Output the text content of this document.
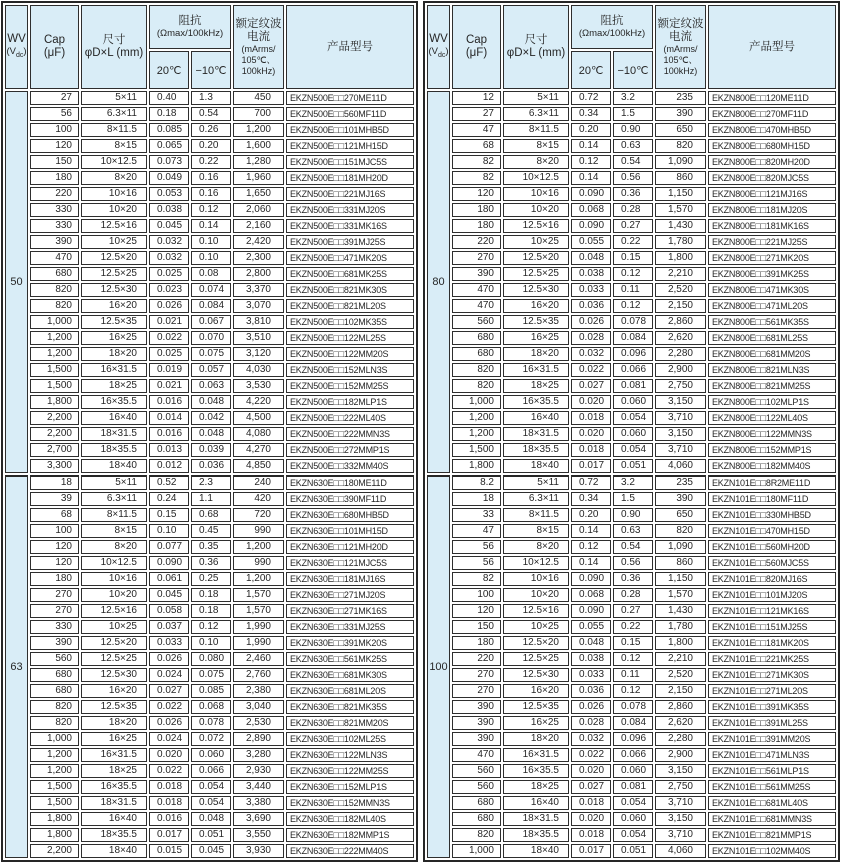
WV
$(V_{dc})$	Cap
(μF)	尺寸
φD×L (mm)	阻抗
(Ωmax/100kHz)		额定纹波
电流
(mArms/
105℃、
100kHz)	产品型号

			20℃	−10℃		
50	27	5×11	0.40	1.3	450	EKZN500E□□270ME11D
	56	6.3×11	0.18	0.54	700	EKZN500E□□560MF11D
	100	8×11.5	0.085	0.26	1,200	EKZN500E□□101MHB5D
	120	8×15	0.065	0.20	1,600	EKZN500E□□121MH15D
	150	10×12.5	0.073	0.22	1,280	EKZN500E□□151MJC5S
	180	8×20	0.049	0.16	1,960	EKZN500E□□181MH20D
	220	10×16	0.053	0.16	1,650	EKZN500E□□221MJ16S
	330	10×20	0.038	0.12	2,060	EKZN500E□□331MJ20S
	330	12.5×16	0.045	0.14	2,160	EKZN500E□□331MK16S
	390	10×25	0.032	0.10	2,420	EKZN500E□□391MJ25S
	470	12.5×20	0.032	0.10	2,300	EKZN500E□□471MK20S
	680	12.5×25	0.025	0.08	2,800	EKZN500E□□681MK25S
	820	12.5×30	0.023	0.074	3,370	EKZN500E□□821MK30S
	820	16×20	0.026	0.084	3,070	EKZN500E□□821ML20S
	1,000	12.5×35	0.021	0.067	3,810	EKZN500E□□102MK35S
	1,200	16×25	0.022	0.070	3,510	EKZN500E□□122ML25S
	1,200	18×20	0.025	0.075	3,120	EKZN500E□□122MM20S
	1,500	16×31.5	0.019	0.057	4,030	EKZN500E□□152MLN3S
	1,500	18×25	0.021	0.063	3,530	EKZN500E□□152MM25S
	1,800	16×35.5	0.016	0.048	4,220	EKZN500E□□182MLP1S
	2,200	16×40	0.014	0.042	4,500	EKZN500E□□222ML40S
	2,200	18×31.5	0.016	0.048	4,080	EKZN500E□□222MMN3S
	2,700	18×35.5	0.013	0.039	4,270	EKZN500E□□272MMP1S
	3,300	18×40	0.012	0.036	4,850	EKZN500E□□332MM40S
63	18	5×11	0.52	2.3	240	EKZN630E□□180ME11D
	39	6.3×11	0.24	1.1	420	EKZN630E□□390MF11D
	68	8×11.5	0.15	0.68	720	EKZN630E□□680MHB5D
	100	8×15	0.10	0.45	990	EKZN630E□□101MH15D
	120	8×20	0.077	0.35	1,200	EKZN630E□□121MH20D
	120	10×12.5	0.090	0.36	990	EKZN630E□□121MJC5S
	180	10×16	0.061	0.25	1,200	EKZN630E□□181MJ16S
	270	10×20	0.045	0.18	1,570	EKZN630E□□271MJ20S
	270	12.5×16	0.058	0.18	1,570	EKZN630E□□271MK16S
	330	10×25	0.037	0.12	1,990	EKZN630E□□331MJ25S
	390	12.5×20	0.033	0.10	1,990	EKZN630E□□391MK20S
	560	12.5×25	0.026	0.080	2,460	EKZN630E□□561MK25S
	680	12.5×30	0.024	0.075	2,760	EKZN630E□□681MK30S
	680	16×20	0.027	0.085	2,380	EKZN630E□□681ML20S
	820	12.5×35	0.022	0.068	3,040	EKZN630E□□821MK35S
	820	18×20	0.026	0.078	2,530	EKZN630E□□821MM20S
	1,000	16×25	0.024	0.072	2,890	EKZN630E□□102ML25S
	1,200	16×31.5	0.020	0.060	3,280	EKZN630E□□122MLN3S
	1,200	18×25	0.022	0.066	2,930	EKZN630E□□122MM25S
	1,500	16×35.5	0.018	0.054	3,440	EKZN630E□□152MLP1S
	1,500	18×31.5	0.018	0.054	3,380	EKZN630E□□152MMN3S
	1,800	16×40	0.016	0.048	3,690	EKZN630E□□182ML40S
	1,800	18×35.5	0.017	0.051	3,550	EKZN630E□□182MMP1S
	2,200	18×40	0.015	0.045	3,930	EKZN630E□□222MM40S
WV
$(V_{dc})$	Cap
(μF)	尺寸
φD×L (mm)	阻抗
(Ωmax/100kHz)		额定纹波
电流
(mArms/
105℃、
100kHz)	产品型号

			20℃	−10℃		
80	12	5×11	0.72	3.2	235	EKZN800E□□120ME11D
	27	6.3×11	0.34	1.5	390	EKZN800E□□270MF11D
	47	8×11.5	0.20	0.90	650	EKZN800E□□470MHB5D
	68	8×15	0.14	0.63	820	EKZN800E□□680MH15D
	82	8×20	0.12	0.54	1,090	EKZN800E□□820MH20D
	82	10×12.5	0.14	0.56	860	EKZN800E□□820MJC5S
	120	10×16	0.090	0.36	1,150	EKZN800E□□121MJ16S
	180	10×20	0.068	0.28	1,570	EKZN800E□□181MJ20S
	180	12.5×16	0.090	0.27	1,430	EKZN800E□□181MK16S
	220	10×25	0.055	0.22	1,780	EKZN800E□□221MJ25S
	270	12.5×20	0.048	0.15	1,800	EKZN800E□□271MK20S
	390	12.5×25	0.038	0.12	2,210	EKZN800E□□391MK25S
	470	12.5×30	0.033	0.11	2,520	EKZN800E□□471MK30S
	470	16×20	0.036	0.12	2,150	EKZN800E□□471ML20S
	560	12.5×35	0.026	0.078	2,860	EKZN800E□□561MK35S
	680	16×25	0.028	0.084	2,620	EKZN800E□□681ML25S
	680	18×20	0.032	0.096	2,280	EKZN800E□□681MM20S
	820	16×31.5	0.022	0.066	2,900	EKZN800E□□821MLN3S
	820	18×25	0.027	0.081	2,750	EKZN800E□□821MM25S
	1,000	16×35.5	0.020	0.060	3,150	EKZN800E□□102MLP1S
	1,200	16×40	0.018	0.054	3,710	EKZN800E□□122ML40S
	1,200	18×31.5	0.020	0.060	3,150	EKZN800E□□122MMN3S
	1,500	18×35.5	0.018	0.054	3,710	EKZN800E□□152MMP1S
	1,800	18×40	0.017	0.051	4,060	EKZN800E□□182MM40S
100	8.2	5×11	0.72	3.2	235	EKZN101E□□8R2ME11D
	18	6.3×11	0.34	1.5	390	EKZN101E□□180MF11D
	33	8×11.5	0.20	0.90	650	EKZN101E□□330MHB5D
	47	8×15	0.14	0.63	820	EKZN101E□□470MH15D
	56	8×20	0.12	0.54	1,090	EKZN101E□□560MH20D
	56	10×12.5	0.14	0.56	860	EKZN101E□□560MJC5S
	82	10×16	0.090	0.36	1,150	EKZN101E□□820MJ16S
	100	10×20	0.068	0.28	1,570	EKZN101E□□101MJ20S
	120	12.5×16	0.090	0.27	1,430	EKZN101E□□121MK16S
	150	10×25	0.055	0.22	1,780	EKZN101E□□151MJ25S
	180	12.5×20	0.048	0.15	1,800	EKZN101E□□181MK20S
	220	12.5×25	0.038	0.12	2,210	EKZN101E□□221MK25S
	270	12.5×30	0.033	0.11	2,520	EKZN101E□□271MK30S
	270	16×20	0.036	0.12	2,150	EKZN101E□□271ML20S
	390	12.5×35	0.026	0.078	2,860	EKZN101E□□391MK35S
	390	16×25	0.028	0.084	2,620	EKZN101E□□391ML25S
	390	18×20	0.032	0.096	2,280	EKZN101E□□391MM20S
	470	16×31.5	0.022	0.066	2,900	EKZN101E□□471MLN3S
	560	16×35.5	0.020	0.060	3,150	EKZN101E□□561MLP1S
	560	18×25	0.027	0.081	2,750	EKZN101E□□561MM25S
	680	16×40	0.018	0.054	3,710	EKZN101E□□681ML40S
	680	18×31.5	0.020	0.060	3,150	EKZN101E□□681MMN3S
	820	18×35.5	0.018	0.054	3,710	EKZN101E□□821MMP1S
	1,000	18×40	0.017	0.051	4,060	EKZN101E□□102MM40S
